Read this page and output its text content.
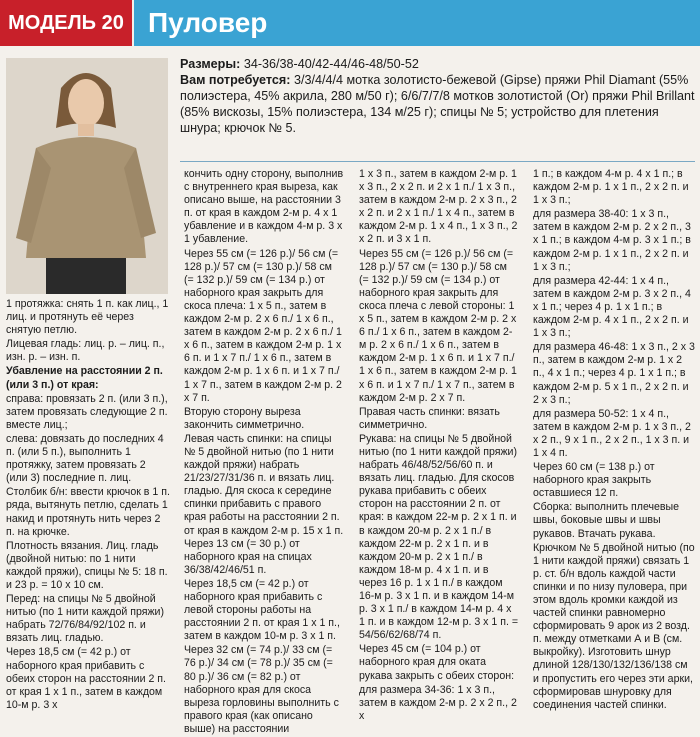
МОДЕЛЬ 20 Пуловер
Размеры: 34-36/38-40/42-44/46-48/50-52
Вам потребуется: 3/3/4/4/4 мотка золотисто-бежевой (Gipse) пряжи Phil Diamant (55% полиэстера, 45% акрила, 280 м/50 г); 6/6/7/7/8 мотков золотистой (Or) пряжи Phil Brillant (85% вискозы, 15% полиэстера, 134 м/25 г); спицы № 5; устройство для плетения шнура; крючок № 5.

1 протяжка: снять 1 п. как лиц., 1 лиц. и протянуть её через снятую петлю.

Лицевая гладь: лиц. р. – лиц. п., изн. р. – изн. п.

Убавление на расстоянии 2 п. (или 3 п.) от края:

справа: провязать 2 п. (или 3 п.), затем провязать следующие 2 п. вместе лиц.;

слева: довязать до последних 4 п. (или 5 п.), выполнить 1 протяжку, затем провязать 2 (или 3) последние п. лиц.

Столбик б/н: ввести крючок в 1 п. ряда, вытянуть петлю, сделать 1 накид и протянуть нить через 2 п. на крючке.

Плотность вязания. Лиц. гладь (двойной нитью: по 1 нити каждой пряжи), спицы № 5: 18 п. и 23 р. = 10 х 10 см.

Перед: на спицы № 5 двойной нитью (по 1 нити каждой пряжи) набрать 72/76/84/92/102 п. и вязать лиц. гладью.

Через 18,5 см (= 42 р.) от наборного края прибавить с обеих сторон на расстоянии 2 п. от края 1 х 1 п., затем в каждом 10-м р. 3 х

кончить одну сторону, выполнив с внутреннего края выреза, как описано выше, на расстоянии 3 п. от края в каждом 2-м р. 4 х 1 убавление и в каждом 4-м р. 3 х 1 убавление.

Через 55 см (= 126 р.)/ 56 см (= 128 р.)/ 57 см (= 130 р.)/ 58 см (= 132 р.)/ 59 см (= 134 р.) от наборного края закрыть для скоса плеча: 1 х 5 п., затем в каждом 2-м р. 2 х 6 п./ 1 х 6 п., затем в каждом 2-м р. 2 х 6 п./ 1 х 6 п., затем в каждом 2-м р. 1 х 6 п. и 1 х 7 п./ 1 х 6 п., затем в каждом 2-м р. 1 х 6 п. и 1 х 7 п./ 1 х 7 п., затем в каждом 2-м р. 2 х 7 п.

Вторую сторону выреза закончить симметрично.

Левая часть спинки: на спицы № 5 двойной нитью (по 1 нити каждой пряжи) набрать 21/23/27/31/36 п. и вязать лиц. гладью. Для скоса к середине спинки прибавить с правого края работы на расстоянии 2 п. от края в каждом 2-м р. 15 х 1 п. Через 13 см (= 30 р.) от наборного края на спицах 36/38/42/46/51 п.

Через 18,5 см (= 42 р.) от наборного края прибавить с левой стороны работы на расстоянии 2 п. от края 1 х 1 п., затем в каждом 10-м р. 3 х 1 п.

Через 32 см (= 74 р.)/ 33 см (= 76 р.)/ 34 см (= 78 р.)/ 35 см (= 80 р.)/ 36 см (= 82 р.) от наборного края для скоса выреза горловины выполнить с правого края (как описано выше) на расстоянии

1 х 3 п., затем в каждом 2-м р. 1 х 3 п., 2 х 2 п. и 2 х 1 п./ 1 х 3 п., затем в каждом 2-м р. 2 х 3 п., 2 х 2 п. и 2 х 1 п./ 1 х 4 п., затем в каждом 2-м р. 1 х 4 п., 1 х 3 п., 2 х 2 п. и 3 х 1 п.

Через 55 см (= 126 р.)/ 56 см (= 128 р.)/ 57 см (= 130 р.)/ 58 см (= 132 р.)/ 59 см (= 134 р.) от наборного края закрыть для скоса плеча с левой стороны: 1 х 5 п., затем в каждом 2-м р. 2 х 6 п./ 1 х 6 п., затем в каждом 2-м р. 2 х 6 п./ 1 х 6 п., затем в каждом 2-м р. 1 х 6 п. и 1 х 7 п./ 1 х 6 п., затем в каждом 2-м р. 1 х 6 п. и 1 х 7 п./ 1 х 7 п., затем в каждом 2-м р. 2 х 7 п.

Правая часть спинки: вязать симметрично.

Рукава: на спицы № 5 двойной нитью (по 1 нити каждой пряжи) набрать 46/48/52/56/60 п. и вязать лиц. гладью. Для скосов рукава прибавить с обеих сторон на расстоянии 2 п. от края: в каждом 22-м р. 2 х 1 п. и в каждом 20-м р. 2 х 1 п./ в каждом 22-м р. 2 х 1 п. и в каждом 20-м р. 2 х 1 п./ в каждом 18-м р. 4 х 1 п. и в через 16 р. 1 х 1 п./ в каждом 16-м р. 3 х 1 п. и в каждом 14-м р. 3 х 1 п./ в каждом 14-м р. 4 х 1 п. и в каждом 12-м р. 3 х 1 п. = 54/56/62/68/74 п.

Через 45 см (= 104 р.) от наборного края для оката рукава закрыть с обеих сторон:

для размера 34-36: 1 х 3 п., затем в каждом 2-м р. 2 х 2 п., 2 х

1 п.; в каждом 4-м р. 4 х 1 п.; в каждом 2-м р. 1 х 1 п., 2 х 2 п. и 1 х 3 п.;

для размера 38-40: 1 х 3 п., затем в каждом 2-м р. 2 х 2 п., 3 х 1 п.; в каждом 4-м р. 3 х 1 п.; в каждом 2-м р. 1 х 1 п., 2 х 2 п. и 1 х 3 п.;

для размера 42-44: 1 х 4 п., затем в каждом 2-м р. 3 х 2 п., 4 х 1 п.; через 4 р. 1 х 1 п.; в каждом 2-м р. 4 х 1 п., 2 х 2 п. и 1 х 3 п.;

для размера 46-48: 1 х 3 п., 2 х 3 п., затем в каждом 2-м р. 1 х 2 п., 4 х 1 п.; через 4 р. 1 х 1 п.; в каждом 2-м р. 5 х 1 п., 2 х 2 п. и 2 х 3 п.;

для размера 50-52: 1 х 4 п., затем в каждом 2-м р. 1 х 3 п., 2 х 2 п., 9 х 1 п., 2 х 2 п., 1 х 3 п. и 1 х 4 п.

Через 60 см (= 138 р.) от наборного края закрыть оставшиеся 12 п.

Сборка: выполнить плечевые швы, боковые швы и швы рукавов. Втачать рукава.

Крючком № 5 двойной нитью (по 1 нити каждой пряжи) связать 1 р. ст. б/н вдоль каждой части спинки и по низу пуловера, при этом вдоль кромки каждой из частей спинки равномерно сформировать 9 арок из 2 возд. п. между отметками А и В (см. выкройку). Изготовить шнур длиной 128/130/132/136/138 см и пропустить его через эти арки, сформировав шнуровку для соединения частей спинки.
